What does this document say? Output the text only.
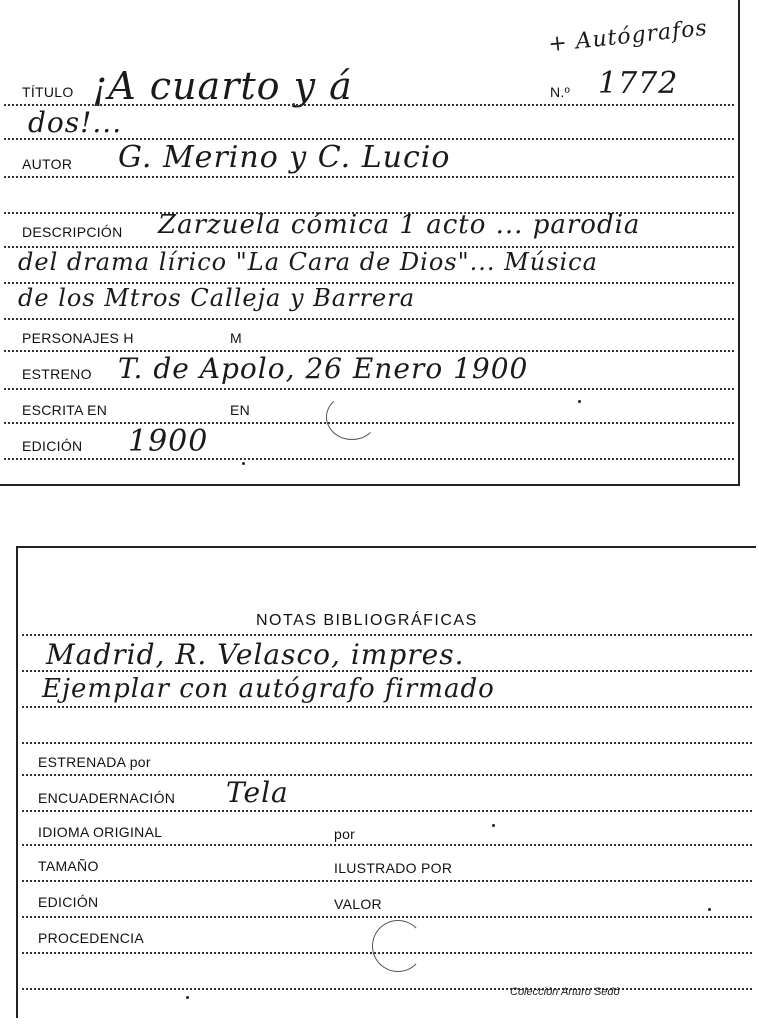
+ Autógrafos
TÍTULO ¡A cuarto y á	N.º 1772
dos!...
AUTOR G. Merino y C. Lucio
DESCRIPCIÓN Zarzuela cómica 1 acto ... parodia
del drama lírico "La Cara de Dios"... Música
de los Mtros Calleja y Barrera
PERSONAJES H	M
ESTRENO T. de Apolo, 26 Enero 1900
ESCRITA EN	EN
EDICIÓN 1900
NOTAS BIBLIOGRÁFICAS
Madrid, R. Velasco, impres.
Ejemplar con autógrafo firmado
ESTRENADA por
ENCUADERNACIÓN Tela
IDIOMA ORIGINAL	por
TAMAÑO	ILUSTRADO POR
EDICIÓN	VALOR
PROCEDENCIA
Colección Arturo Sedó
